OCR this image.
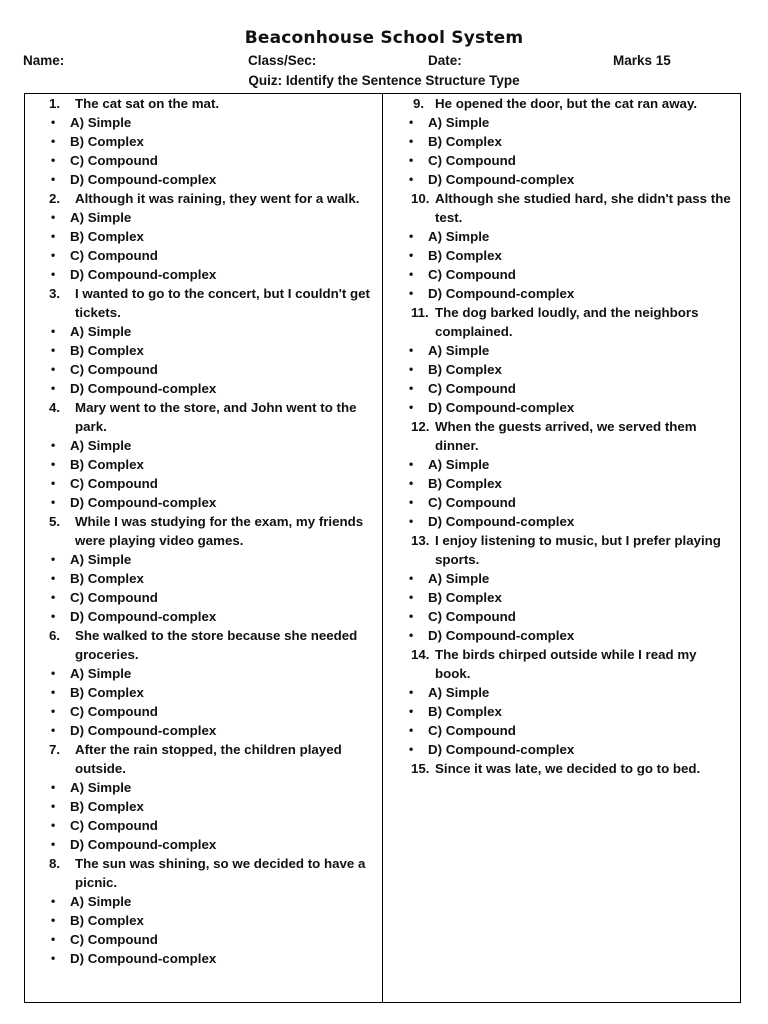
Beaconhouse School System
Name:	Class/Sec:	Date:	Marks 15
Quiz: Identify the Sentence Structure Type
1. The cat sat on the mat.
• A) Simple
• B) Complex
• C) Compound
• D) Compound-complex
2. Although it was raining, they went for a walk.
• A) Simple
• B) Complex
• C) Compound
• D) Compound-complex
3. I wanted to go to the concert, but I couldn't get tickets.
• A) Simple
• B) Complex
• C) Compound
• D) Compound-complex
4. Mary went to the store, and John went to the park.
• A) Simple
• B) Complex
• C) Compound
• D) Compound-complex
5. While I was studying for the exam, my friends were playing video games.
• A) Simple
• B) Complex
• C) Compound
• D) Compound-complex
6. She walked to the store because she needed groceries.
• A) Simple
• B) Complex
• C) Compound
• D) Compound-complex
7. After the rain stopped, the children played outside.
• A) Simple
• B) Complex
• C) Compound
• D) Compound-complex
8. The sun was shining, so we decided to have a picnic.
• A) Simple
• B) Complex
• C) Compound
• D) Compound-complex
9. He opened the door, but the cat ran away.
• A) Simple
• B) Complex
• C) Compound
• D) Compound-complex
10. Although she studied hard, she didn't pass the test.
• A) Simple
• B) Complex
• C) Compound
• D) Compound-complex
11. The dog barked loudly, and the neighbors complained.
• A) Simple
• B) Complex
• C) Compound
• D) Compound-complex
12. When the guests arrived, we served them dinner.
• A) Simple
• B) Complex
• C) Compound
• D) Compound-complex
13. I enjoy listening to music, but I prefer playing sports.
• A) Simple
• B) Complex
• C) Compound
• D) Compound-complex
14. The birds chirped outside while I read my book.
• A) Simple
• B) Complex
• C) Compound
• D) Compound-complex
15. Since it was late, we decided to go to bed.
